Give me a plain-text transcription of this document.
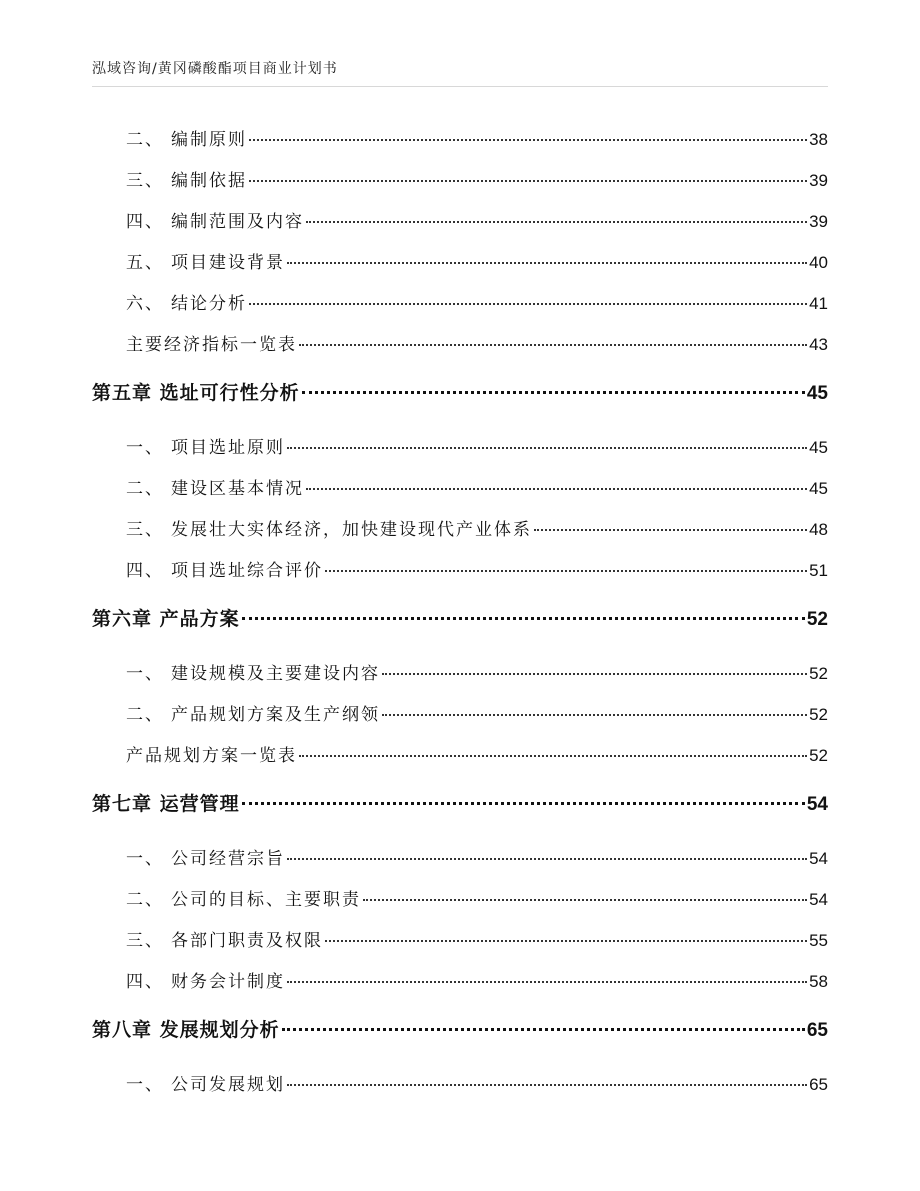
泓域咨询/黄冈磷酸酯项目商业计划书
二、 编制原则	38
三、 编制依据	39
四、 编制范围及内容	39
五、 项目建设背景	40
六、 结论分析	41
主要经济指标一览表	43
第五章 选址可行性分析	45
一、 项目选址原则	45
二、 建设区基本情况	45
三、 发展壮大实体经济，加快建设现代产业体系	48
四、 项目选址综合评价	51
第六章 产品方案	52
一、 建设规模及主要建设内容	52
二、 产品规划方案及生产纲领	52
产品规划方案一览表	52
第七章 运营管理	54
一、 公司经营宗旨	54
二、 公司的目标、主要职责	54
三、 各部门职责及权限	55
四、 财务会计制度	58
第八章 发展规划分析	65
一、 公司发展规划	65
